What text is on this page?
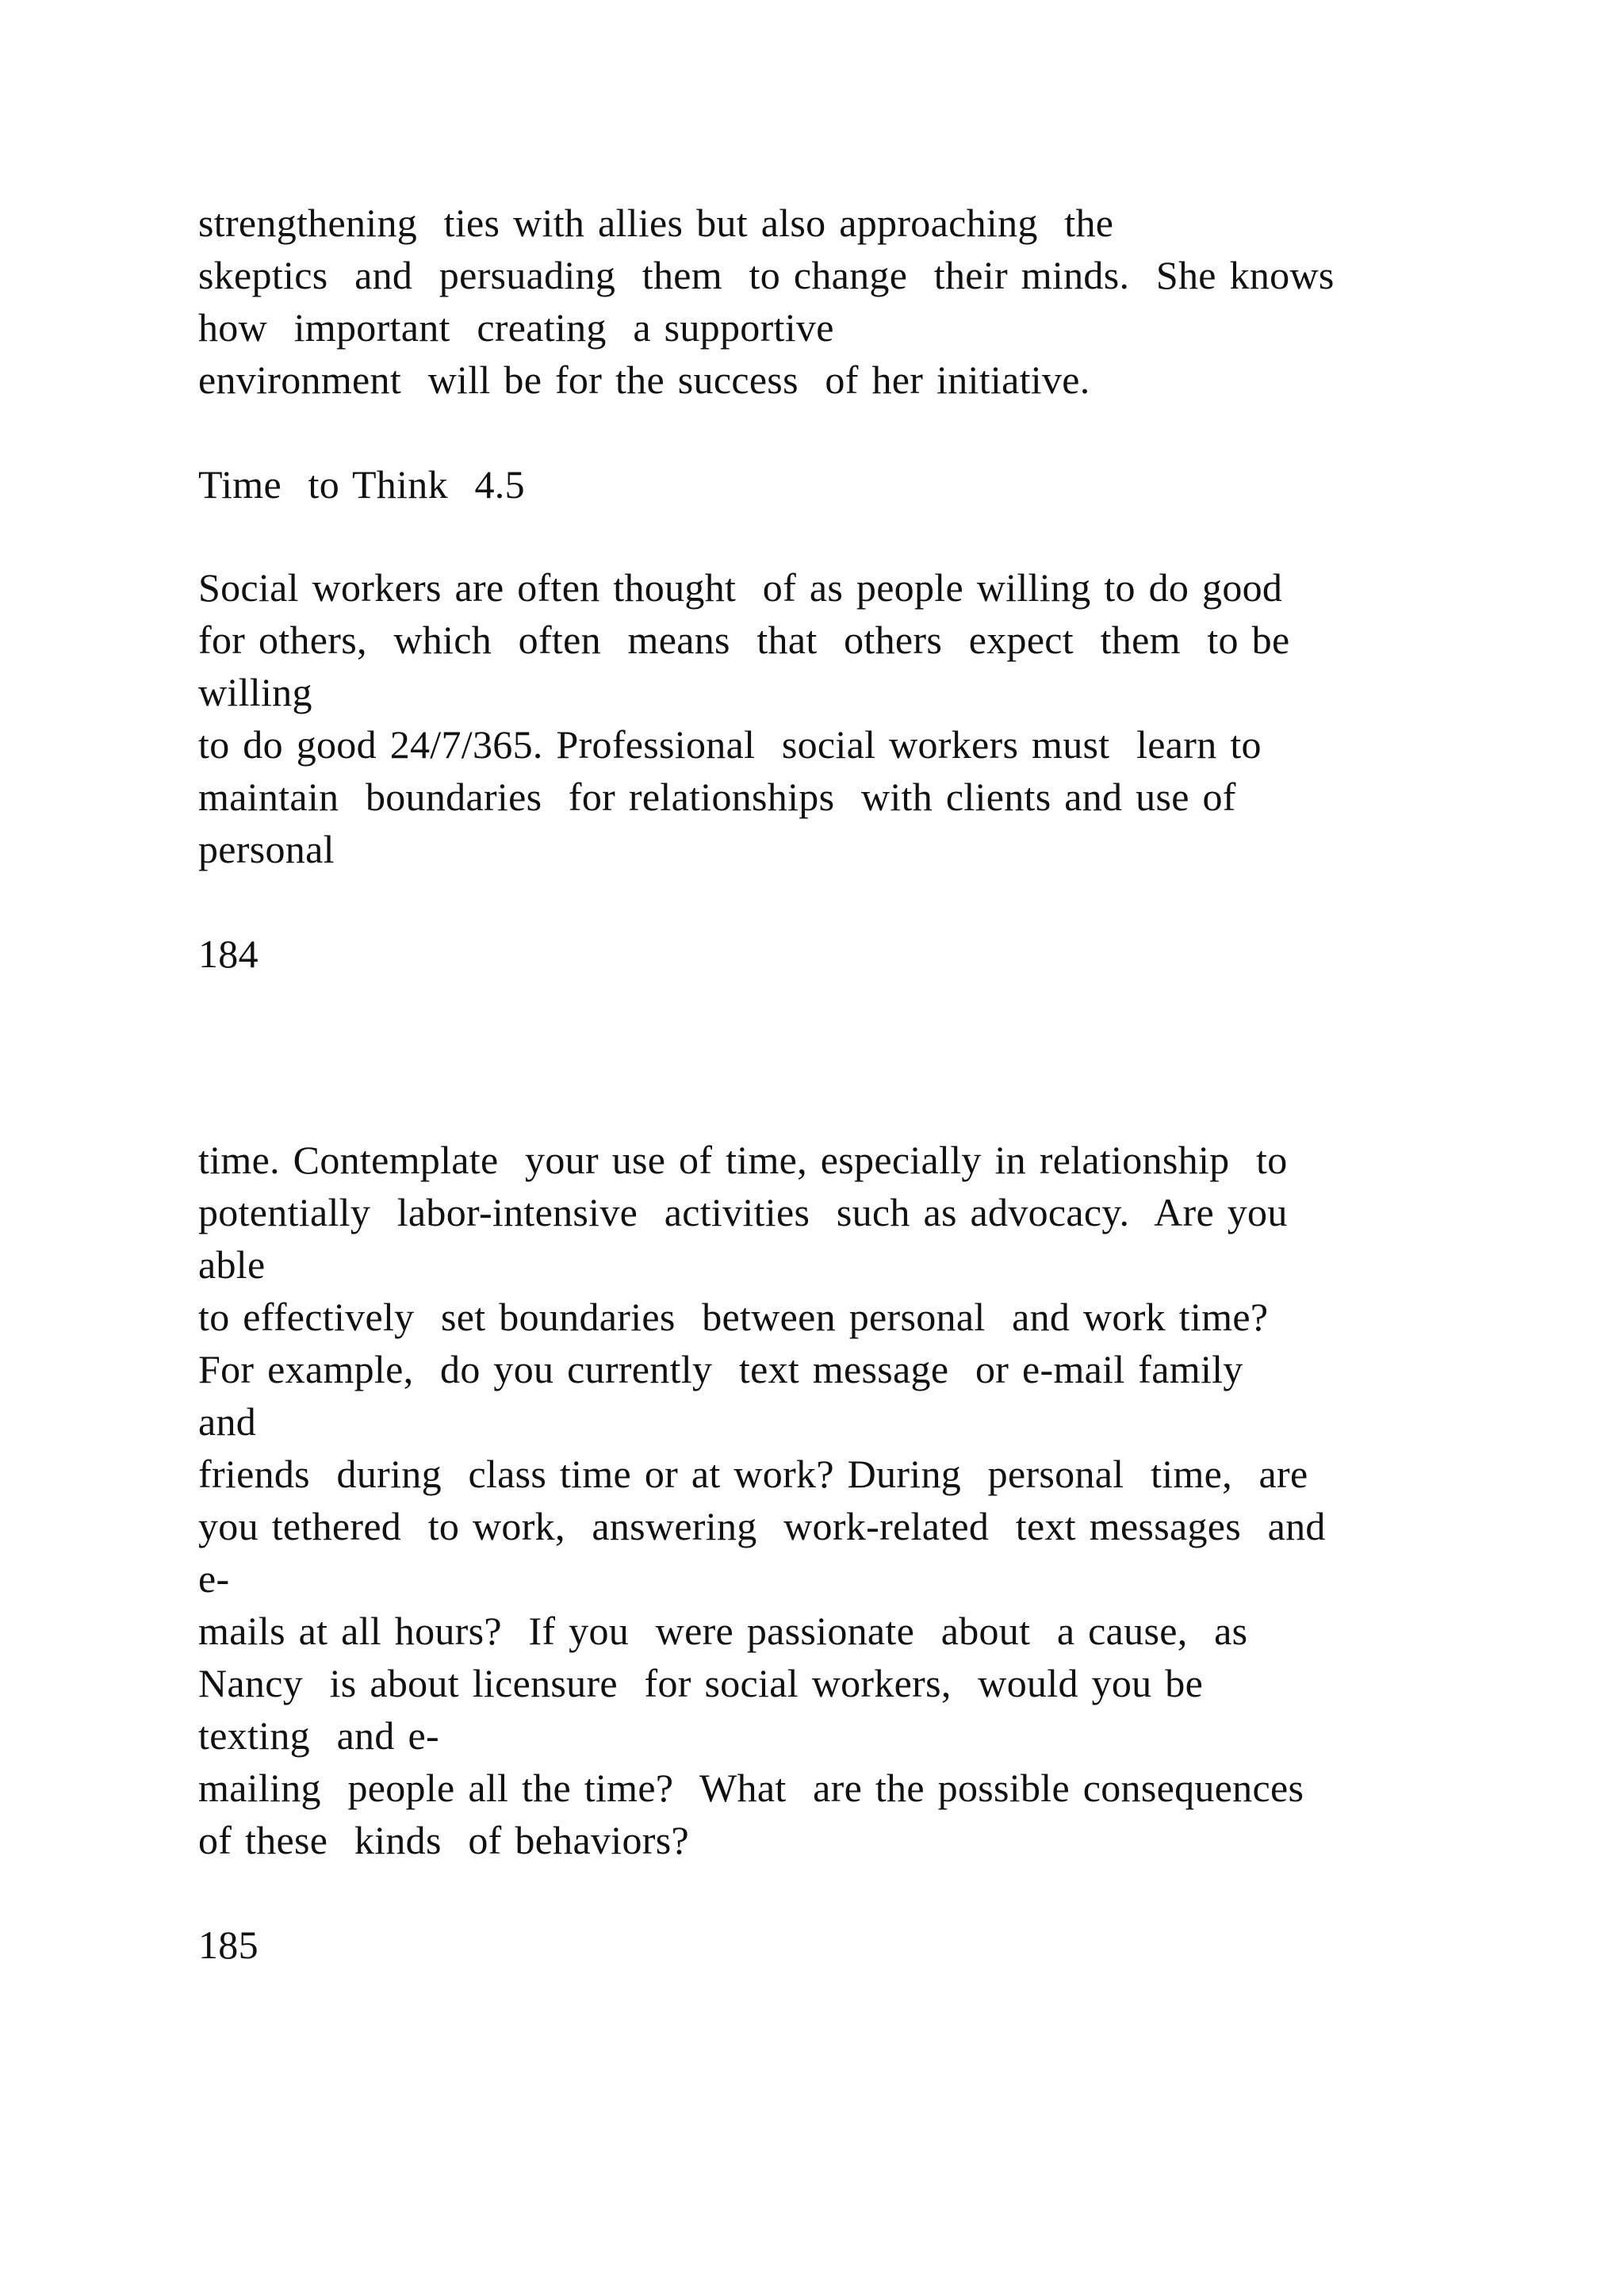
strengthening  ties with allies but also approaching  the

skeptics  and  persuading  them  to change  their minds.  She knows

how  important  creating  a supportive

environment  will be for the success  of her initiative.

Time  to Think  4.5

Social workers are often thought  of as people willing to do good

for others,  which  often  means  that  others  expect  them  to be

willing

to do good 24/7/365. Professional  social workers must  learn to

maintain  boundaries  for relationships  with clients and use of

personal

184

time. Contemplate  your use of time, especially in relationship  to

potentially  labor-intensive  activities  such as advocacy.  Are you

able

to effectively  set boundaries  between personal  and work time?

For example,  do you currently  text message  or e-mail family

and

friends  during  class time or at work? During  personal  time,  are

you tethered  to work,  answering  work-related  text messages  and

e-

mails at all hours?  If you  were passionate  about  a cause,  as

Nancy  is about licensure  for social workers,  would you be

texting  and e-

mailing  people all the time?  What  are the possible consequences

of these  kinds  of behaviors?

185
